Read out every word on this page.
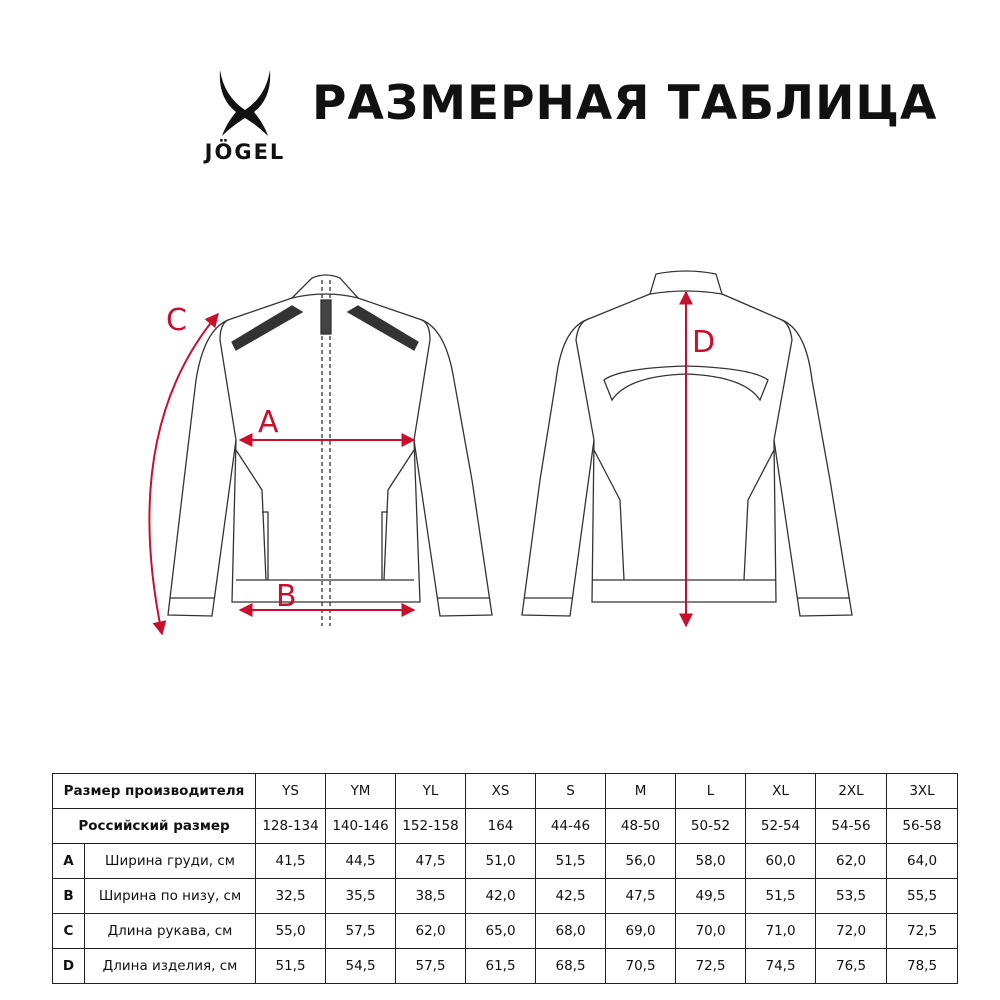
JÖGEL
РАЗМЕРНАЯ ТАБЛИЦА
A
B
C
D
Размер производителя		YS	YM	YL	XS	S	M	L	XL	2XL	3XL
Российский размер		128-134	140-146	152-158	164	44-46	48-50	50-52	52-54	54-56	56-58
A	Ширина груди, см	41,5	44,5	47,5	51,0	51,5	56,0	58,0	60,0	62,0	64,0
B	Ширина по низу, см	32,5	35,5	38,5	42,0	42,5	47,5	49,5	51,5	53,5	55,5
C	Длина рукава, см	55,0	57,5	62,0	65,0	68,0	69,0	70,0	71,0	72,0	72,5
D	Длина изделия, см	51,5	54,5	57,5	61,5	68,5	70,5	72,5	74,5	76,5	78,5
